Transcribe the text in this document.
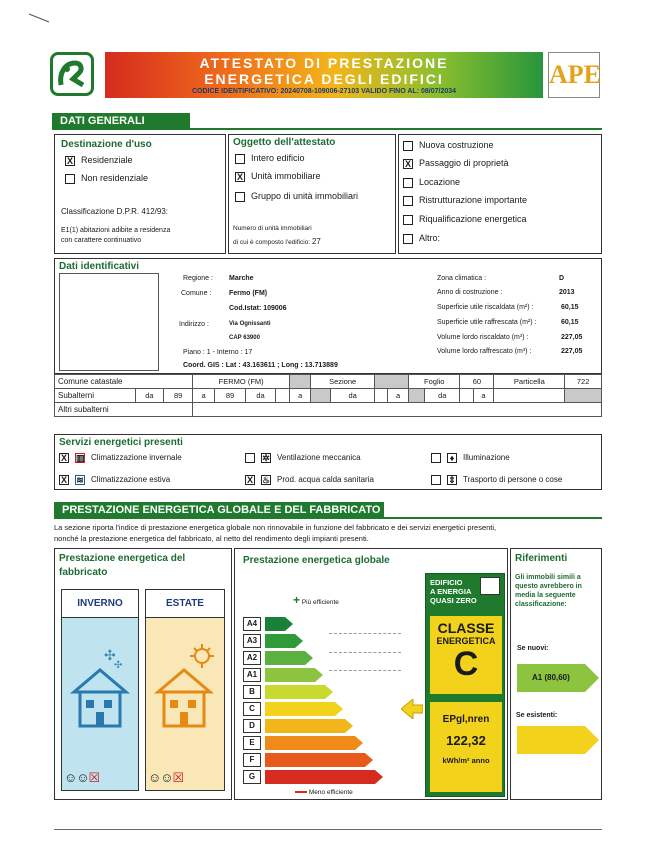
ATTESTATO DI PRESTAZIONE
ENERGETICA DEGLI EDIFICI
CODICE IDENTIFICATIVO: 20240708-109006-27103 VALIDO FINO AL: 08/07/2034
APE
DATI GENERALI
Destinazione d'uso
X Residenziale
Non residenziale
Classificazione D.P.R. 412/93:
E1(1) abitazioni adibite a residenza
con carattere continuativo
Oggetto dell'attestato
Intero edificio
X Unità immobiliare
Gruppo di unità immobiliari
Numero di unità immobiliari
di cui è composto l'edificio: 27
Nuova costruzione
X Passaggio di proprietà
Locazione
Ristrutturazione importante
Riqualificazione energetica
Altro:
Dati identificativi
Regione : Marche
Comune :	Fermo (FM)
Cod.Istat: 109006
Indirizzo :	Via Ognissanti
CAP 63900
Piano : 1 - Interno : 17
Coord. GIS : Lat : 43.163611 ; Long : 13.713889
Zona climatica :	D
Anno di costruzione :	2013
Superficie utile riscaldata (m²) :	60,15
Superficie utile raffrescata (m²) :	60,15
Volume lordo riscaldato (m³) :	227,05
Volume lordo raffrescato (m³) :	227,05
Comune catastale			FERMO (FM)					Sezione				Foglio		60		Particella	722
Subalterni	da	89	a	89	da		a		da		a		da		a		
Altri subalterni																	
Servizi energetici presenti
X ▥ Climatizzazione invernale
X ≋ Climatizzazione estiva
✲ Ventilazione meccanica
X ♨ Prod. acqua calda sanitaria
♦ Illuminazione
⇕ Trasporto di persone o cose
PRESTAZIONE ENERGETICA GLOBALE E DEL FABBRICATO
La sezione riporta l'indice di prestazione energetica globale non rinnovabile in funzione del fabbricato e dei servizi energetici presenti,
nonché la prestazione energetica del fabbricato, al netto del rendimento degli impianti presenti.
Prestazione energetica del
fabbricato
INVERNO
✣
✣
☺☺☒
ESTATE
☺☺☒
Prestazione energetica globale
+ Più efficiente
Meno efficiente
A4
A3
A2
A1
B
C
D
E
F
G
EDIFICIO
A ENERGIA
QUASI ZERO
CLASSE
ENERGETICA
C
EPgl,nren
122,32
kWh/m² anno
Riferimenti
Gli immobili simili a
questo avrebbero in
media la seguente
classificazione:
Se nuovi:
A1 (80,60)
Se esistenti:
